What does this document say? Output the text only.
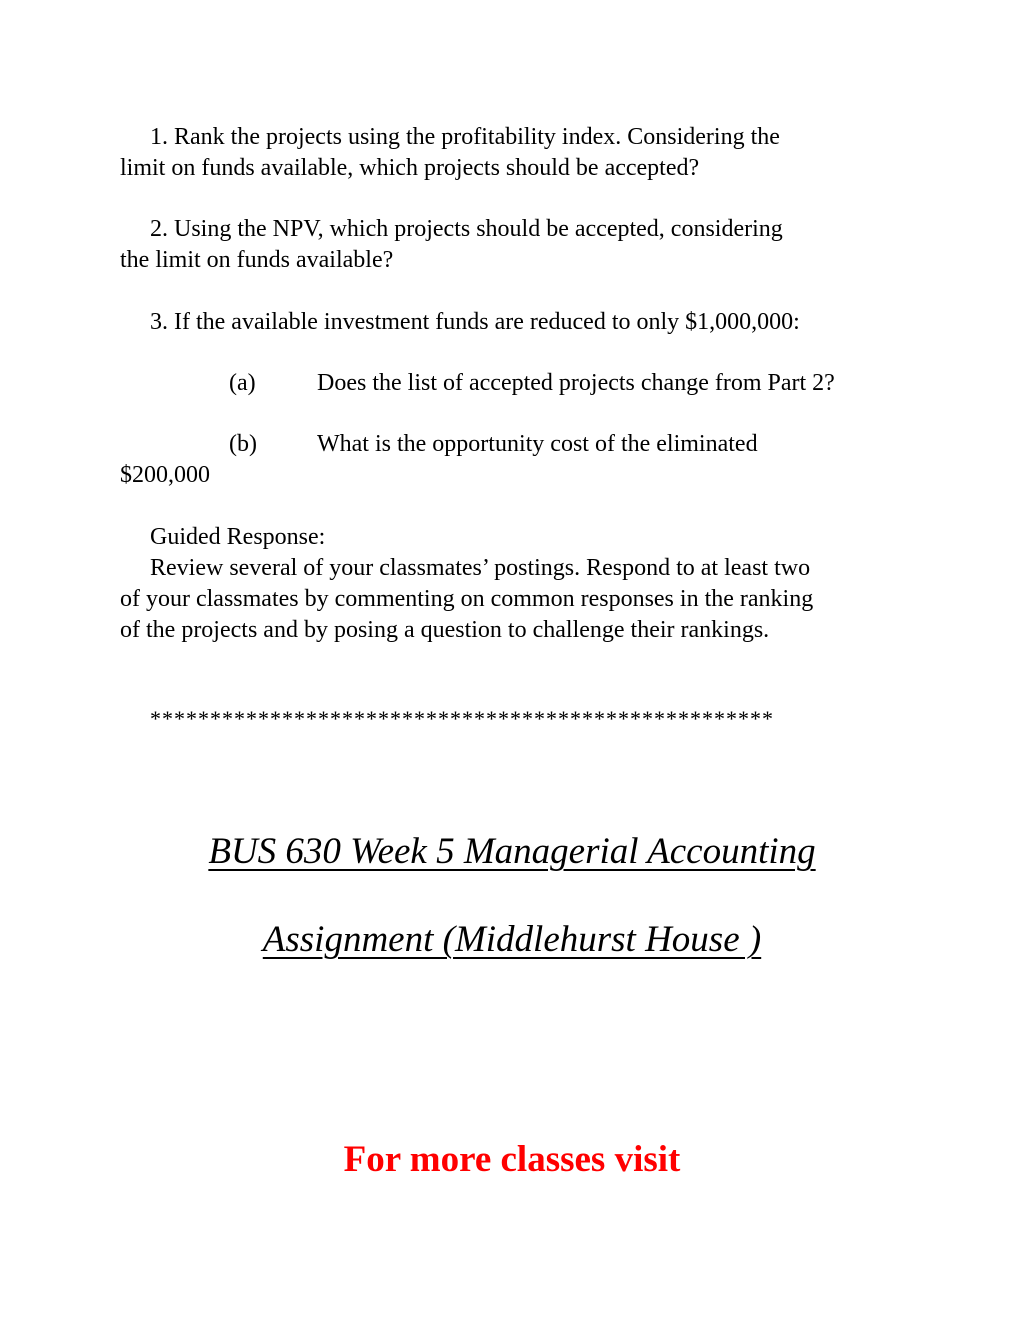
1. Rank the projects using the profitability index. Considering the
limit on funds available, which projects should be accepted?
2. Using the NPV, which projects should be accepted, considering
the limit on funds available?
3. If the available investment funds are reduced to only $1,000,000:
(a)	Does the list of accepted projects change from Part 2?
(b)	What is the opportunity cost of the eliminated
$200,000
Guided Response:
Review several of your classmates’ postings. Respond to at least two
of your classmates by commenting on common responses in the ranking
of the projects and by posing a question to challenge their rankings.
****************************************************
BUS 630 Week 5 Managerial Accounting
Assignment (Middlehurst House )
For more classes visit
